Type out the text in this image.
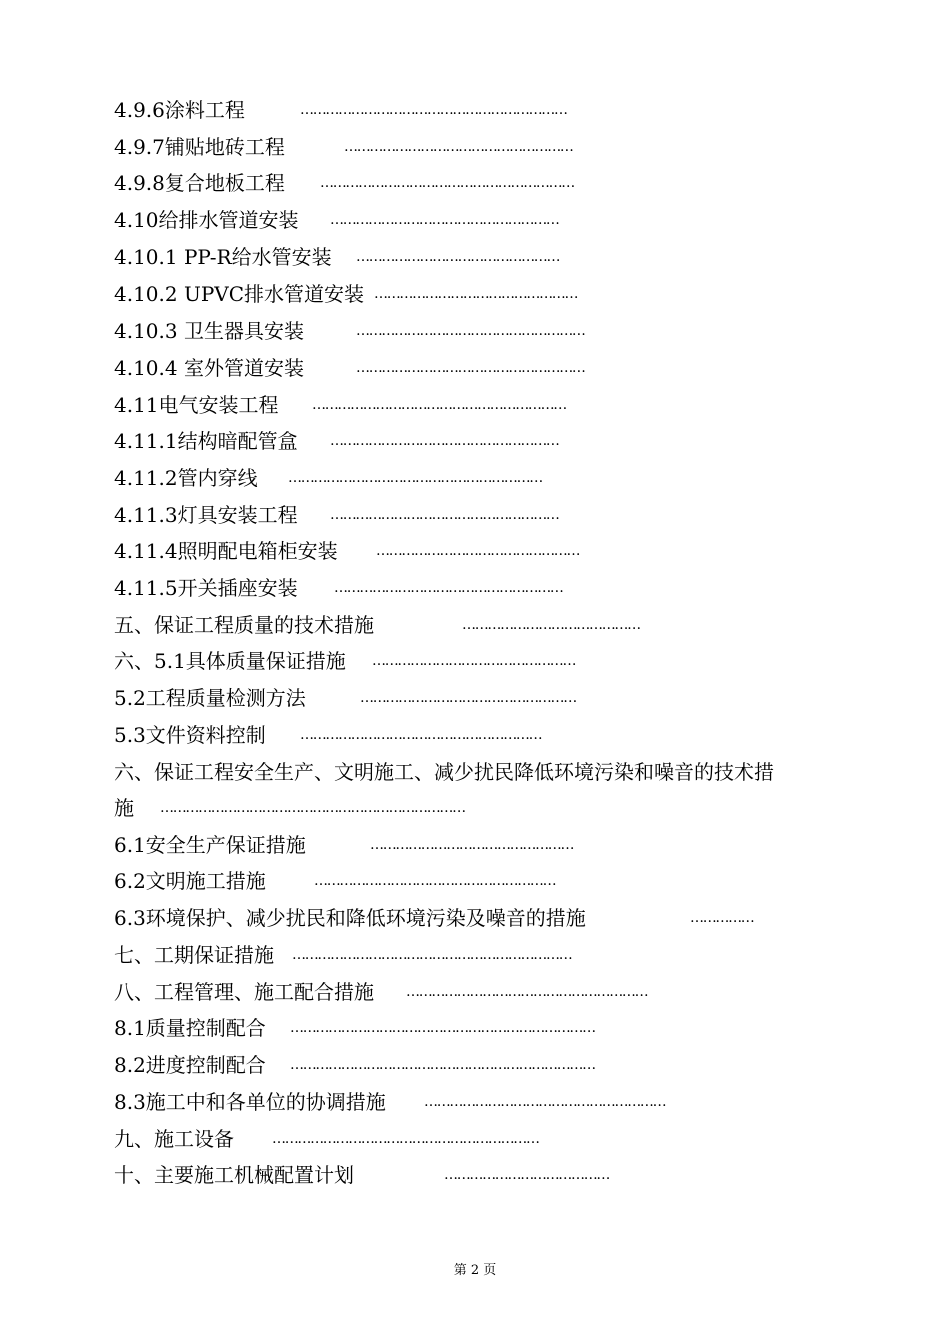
4.9.6涂料工程	………………………………………………………
4.9.7铺贴地砖工程	………………………………………………
4.9.8复合地板工程	……………………………………………………
4.10给排水管道安装 ………………………………………………
4.10.1 PP-R给水管安装 …………………………………………
4.10.2 UPVC排水管道安装 …………………………………………
4.10.3 卫生器具安装	………………………………………………
4.10.4 室外管道安装	………………………………………………
4.11电气安装工程 ……………………………………………………
4.11.1结构暗配管盒 ………………………………………………
4.11.2管内穿线 ……………………………………………………
4.11.3灯具安装工程 ………………………………………………
4.11.4照明配电箱柜安装	…………………………………………
4.11.5开关插座安装	………………………………………………
五、保证工程质量的技术措施	……………………………………
六、5.1具体质量保证措施 …………………………………………
5.2工程质量检测方法	……………………………………………
5.3文件资料控制 …………………………………………………
六、保证工程安全生产、文明施工、减少扰民降低环境污染和噪音的技术措
施 ………………………………………………………………
6.1安全生产保证措施	…………………………………………
6.2文明施工措施	…………………………………………………
6.3环境保护、减少扰民和降低环境污染及噪音的措施	……………
七、工期保证措施 …………………………………………………………
八、工程管理、施工配合措施 …………………………………………………
8.1质量控制配合 ………………………………………………………………
8.2进度控制配合 ………………………………………………………………
8.3施工中和各单位的协调措施	…………………………………………………
九、施工设备	………………………………………………………
十、主要施工机械配置计划	…………………………………
第 2 页
